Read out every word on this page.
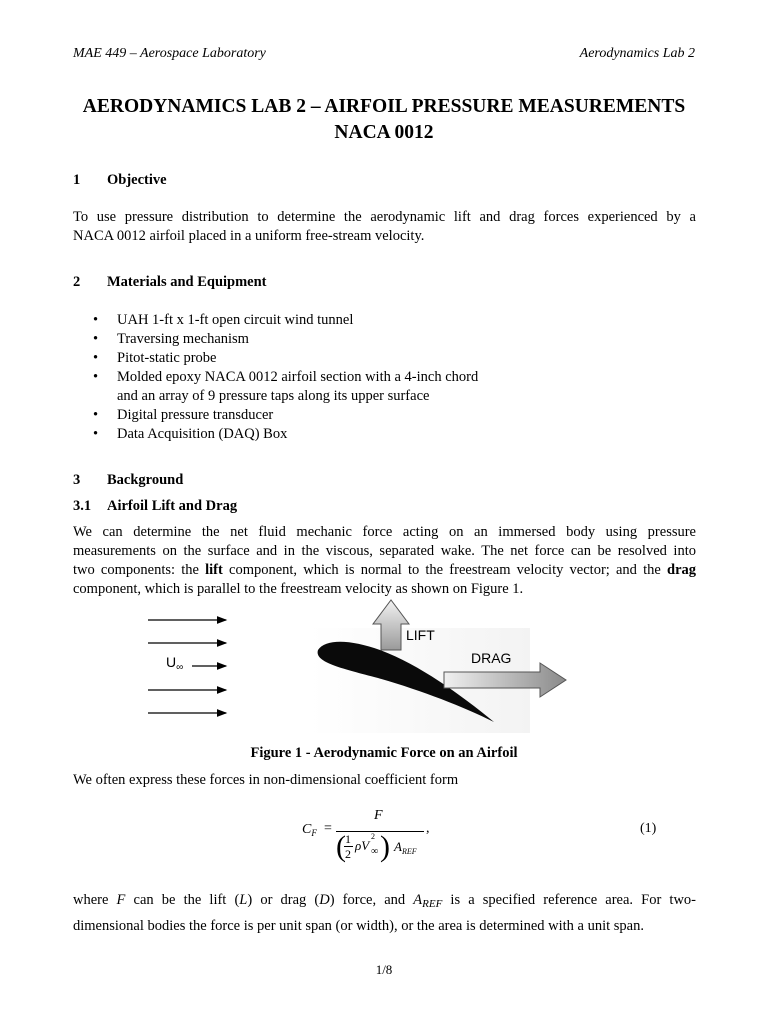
MAE 449 – Aerospace Laboratory	Aerodynamics Lab 2
AERODYNAMICS LAB 2 – AIRFOIL PRESSURE MEASUREMENTS
NACA 0012
1 Objective
To use pressure distribution to determine the aerodynamic lift and drag forces experienced by a
NACA 0012 airfoil placed in a uniform free-stream velocity.
2 Materials and Equipment
• UAH 1-ft x 1-ft open circuit wind tunnel
• Traversing mechanism
• Pitot-static probe
• Molded epoxy NACA 0012 airfoil section with a 4-inch chord
and an array of 9 pressure taps along its upper surface
• Digital pressure transducer
• Data Acquisition (DAQ) Box
3 Background
3.1 Airfoil Lift and Drag
We can determine the net fluid mechanic force acting on an immersed body using pressure
measurements on the surface and in the viscous, separated wake. The net force can be resolved into
two components: the lift component, which is normal to the freestream velocity vector; and the drag
component, which is parallel to the freestream velocity as shown on Figure 1.
LIFT
DRAG
$U_\infty$
Figure 1 - Aerodynamic Force on an Airfoil
We often express these forces in non-dimensional coefficient form
$C_F$ =
F
( 1
2
ρV
2
∞ ) $A_{REF}$
,	(1)
where F can be the lift (L) or drag (D) force, and $A_{REF}$ is a specified reference area. For two-
dimensional bodies the force is per unit span (or width), or the area is determined with a unit span.
1/8
